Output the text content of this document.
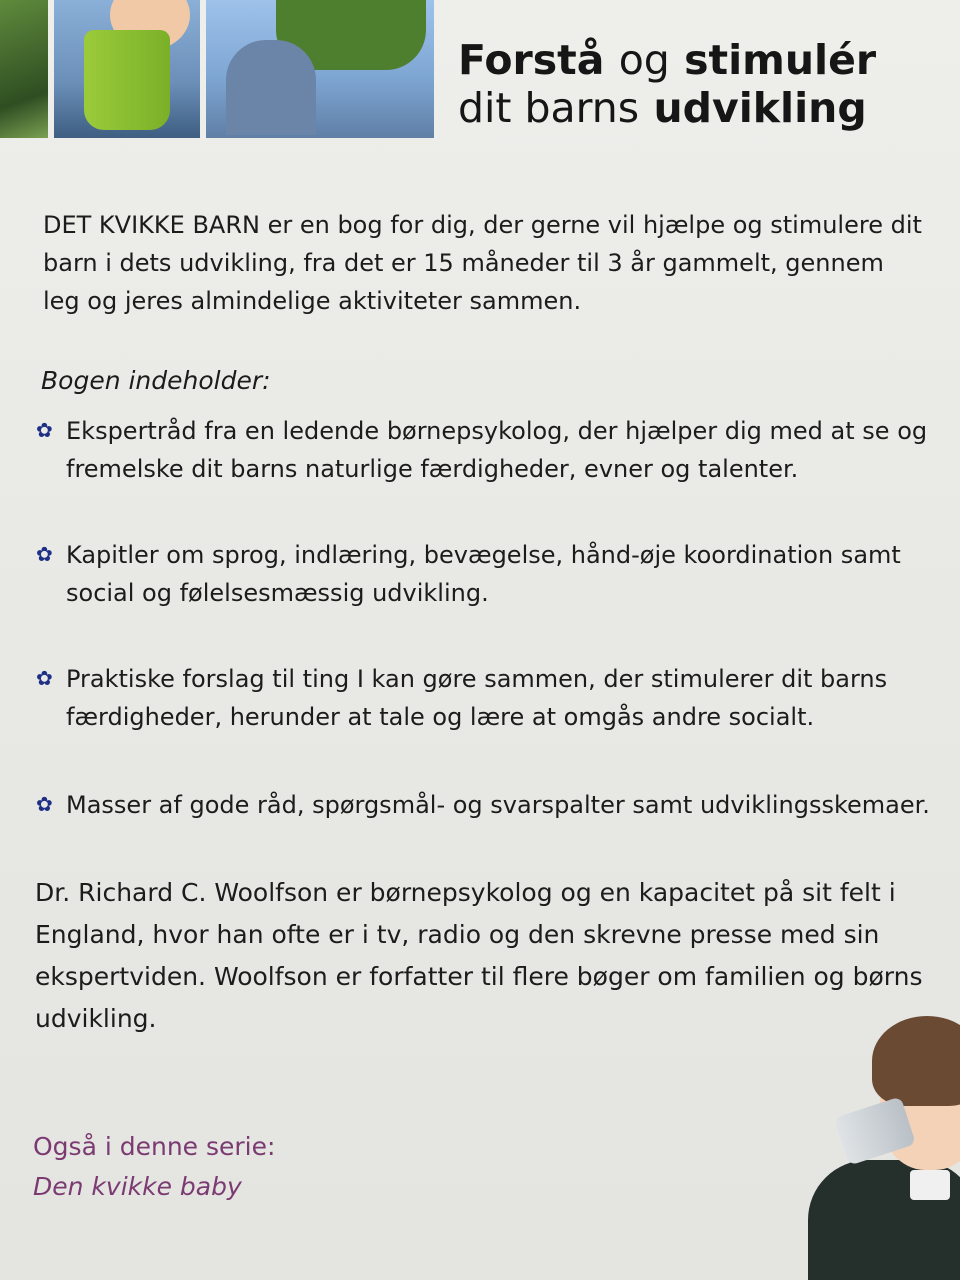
Forstå og stimulér
dit barns udvikling

DET KVIKKE BARN er en bog for dig, der gerne vil hjælpe og stimulere dit barn i dets udvikling, fra det er 15 måneder til 3 år gammelt, gennem leg og jeres almindelige aktiviteter sammen.

Bogen indeholder:

✿ Ekspertråd fra en ledende børnepsykolog, der hjælper dig med at se og fremelske dit barns naturlige færdigheder, evner og talenter.
✿ Kapitler om sprog, indlæring, bevægelse, hånd-øje koordination samt social og følelsesmæssig udvikling.
✿ Praktiske forslag til ting I kan gøre sammen, der stimulerer dit barns færdigheder, herunder at tale og lære at omgås andre socialt.
✿ Masser af gode råd, spørgsmål- og svarspalter samt udviklingsskemaer.

Dr. Richard C. Woolfson er børnepsykolog og en kapacitet på sit felt i England, hvor han ofte er i tv, radio og den skrevne presse med sin ekspertviden. Woolfson er forfatter til flere bøger om familien og børns udvikling.

Også i denne serie:

Den kvikke baby
